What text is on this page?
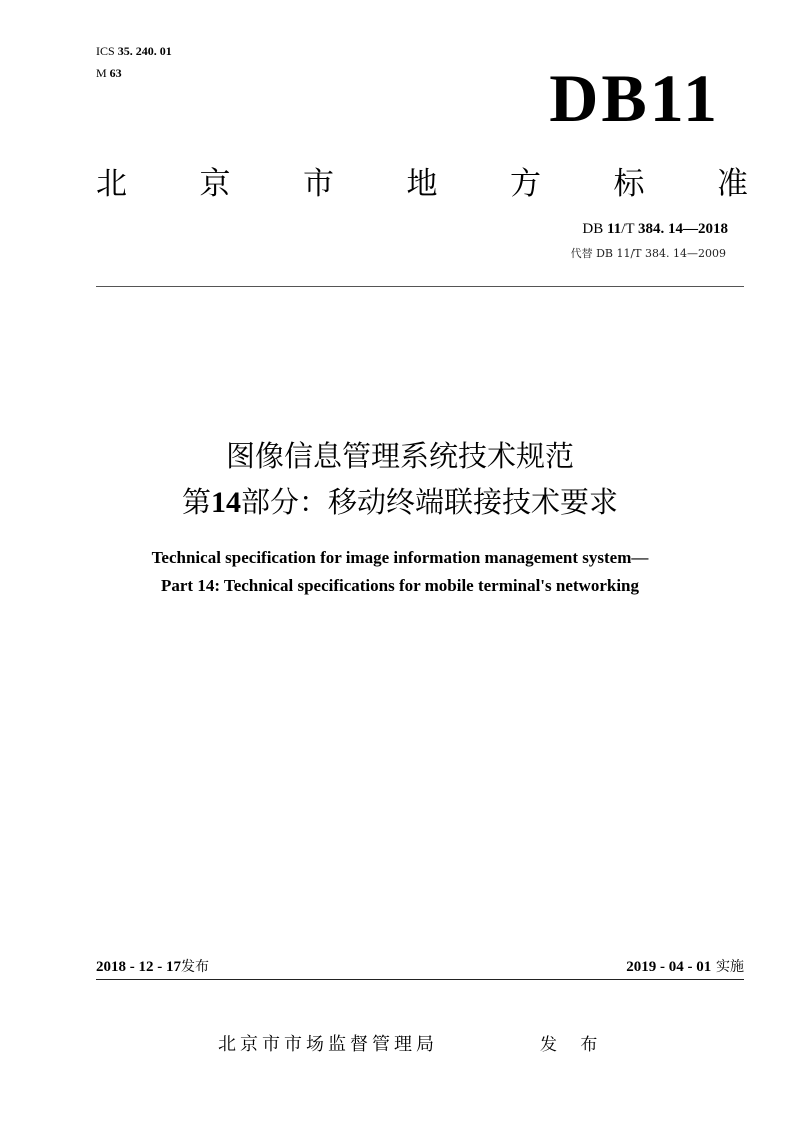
ICS 35. 240. 01
M 63	DB11
北 京 市 地 方 标 准
DB 11/T 384. 14—2018
代替 DB 11/T 384. 14—2009
图像信息管理系统技术规范
第14部分：移动终端联接技术要求
Technical specification for image information management system—
Part 14: Technical specifications for mobile terminal's networking
2018 - 12 - 17发布	2019 - 04 - 01 实施
北京市市场监督管理局	发 布
